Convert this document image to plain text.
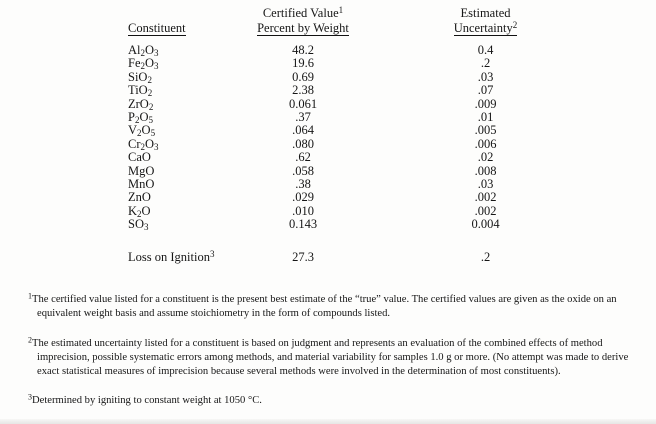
Constituent
Certified Value$^1$
Percent by Weight
Estimated
Uncertainty$^2$
$Al_2O_3$	48.2	0.4
$Fe_2O_3$	19.6	.2
SiO$_2$	0.69	.03
TiO$_2$	2.38	.07
ZrO$_2$	0.061	.009
$P_2O_5$	.37	.01
$V_2O_5$	.064	.005
$Cr_2O_3$	.080	.006
CaO	.62	.02
MgO	.058	.008
MnO	.38	.03
ZnO	.029	.002
$K_2O$	.010	.002
$SO_3$	0.143	0.004
Loss on Ignition$^3$	27.3	.2
$^1$The certified value listed for a constituent is the present best estimate of the “true” value. The certified values are given as the oxide on an equivalent weight basis and assume stoichiometry in the form of compounds listed.
$^2$The estimated uncertainty listed for a constituent is based on judgment and represents an evaluation of the combined effects of method imprecision, possible systematic errors among methods, and material variability for samples 1.0 g or more. (No attempt was made to derive exact statistical measures of imprecision because several methods were involved in the determination of most constituents).
$^3$Determined by igniting to constant weight at 1050 °C.
